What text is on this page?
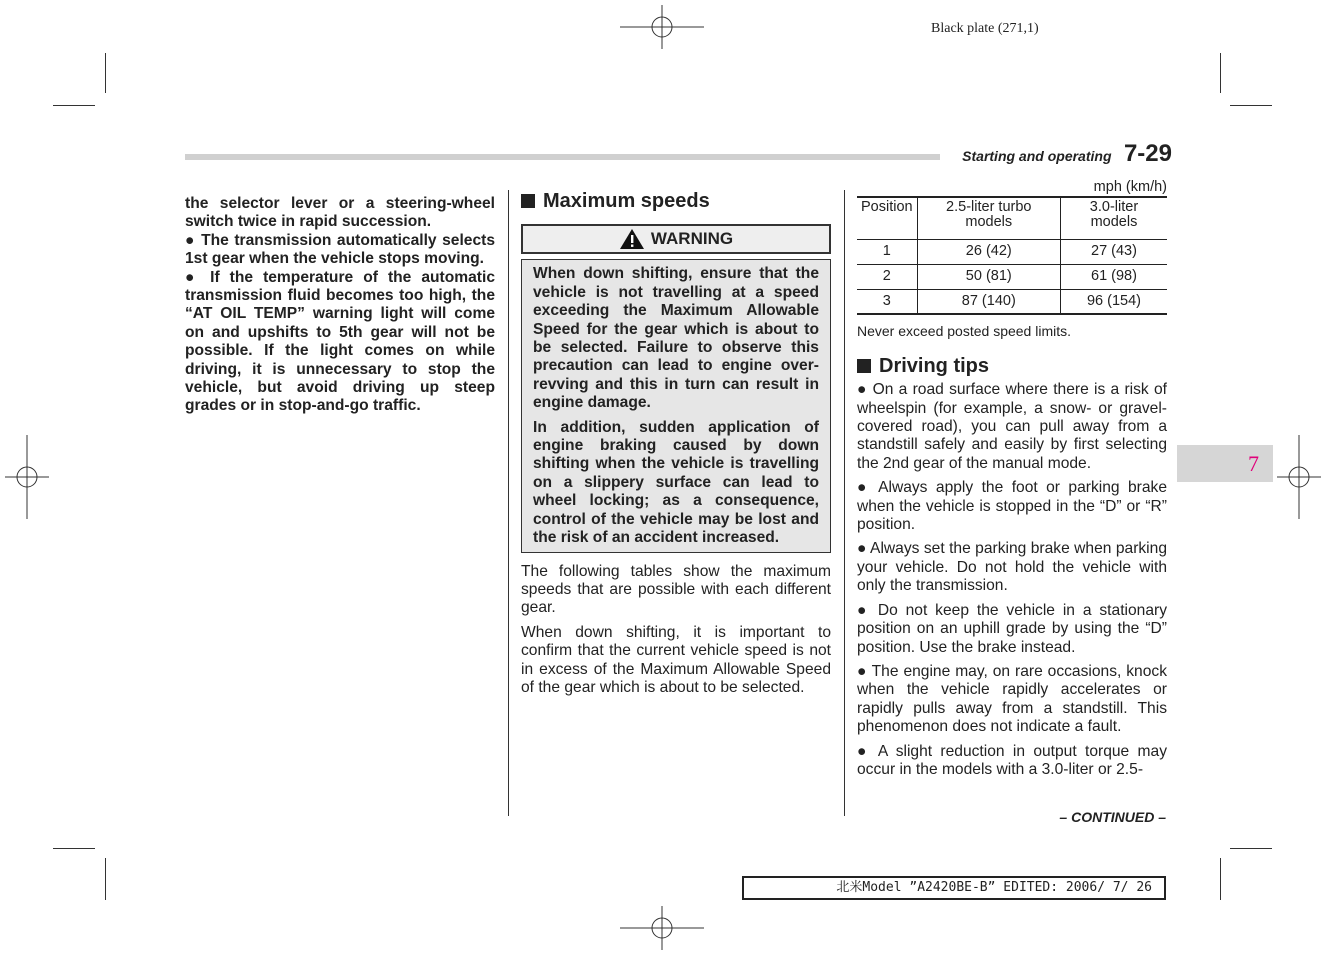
Black plate (271,1)
Starting and operating 7-29

the selector lever or a steering-wheel switch twice in rapid succession.

● The transmission automatically selects 1st gear when the vehicle stops moving.

● If the temperature of the automatic transmission fluid becomes too high, the “AT OIL TEMP” warning light will come on and upshifts to 5th gear will not be possible. If the light comes on while driving, it is unnecessary to stop the vehicle, but avoid driving up steep grades or in stop-and-go traffic.

Maximum speeds
WARNING

When down shifting, ensure that the vehicle is not travelling at a speed exceeding the Maximum Allowable Speed for the gear which is about to be selected. Failure to observe this precaution can lead to engine over-revving and this in turn can result in engine damage.

In addition, sudden application of engine braking caused by down shifting when the vehicle is travelling on a slippery surface can lead to wheel locking; as a consequence, control of the vehicle may be lost and the risk of an accident increased.

The following tables show the maximum speeds that are possible with each different gear.

When down shifting, it is important to confirm that the current vehicle speed is not in excess of the Maximum Allowable Speed of the gear which is about to be selected.

mph (km/h)
Position	2.5-liter turbo models	3.0-liter models
1	26 (42)	27 (43)
2	50 (81)	61 (98)
3	87 (140)	96 (154)
Never exceed posted speed limits.
Driving tips

● On a road surface where there is a risk of wheelspin (for example, a snow- or gravel-covered road), you can pull away from a standstill safely and easily by first selecting the 2nd gear of the manual mode.

● Always apply the foot or parking brake when the vehicle is stopped in the “D” or “R” position.

● Always set the parking brake when parking your vehicle. Do not hold the vehicle with only the transmission.

● Do not keep the vehicle in a stationary position on an uphill grade by using the “D” position. Use the brake instead.

● The engine may, on rare occasions, knock when the vehicle rapidly accelerates or rapidly pulls away from a standstill. This phenomenon does not indicate a fault.

● A slight reduction in output torque may occur in the models with a 3.0-liter or 2.5-

– CONTINUED –
7
北米Model ”A2420BE-B” EDITED: 2006/ 7/ 26
